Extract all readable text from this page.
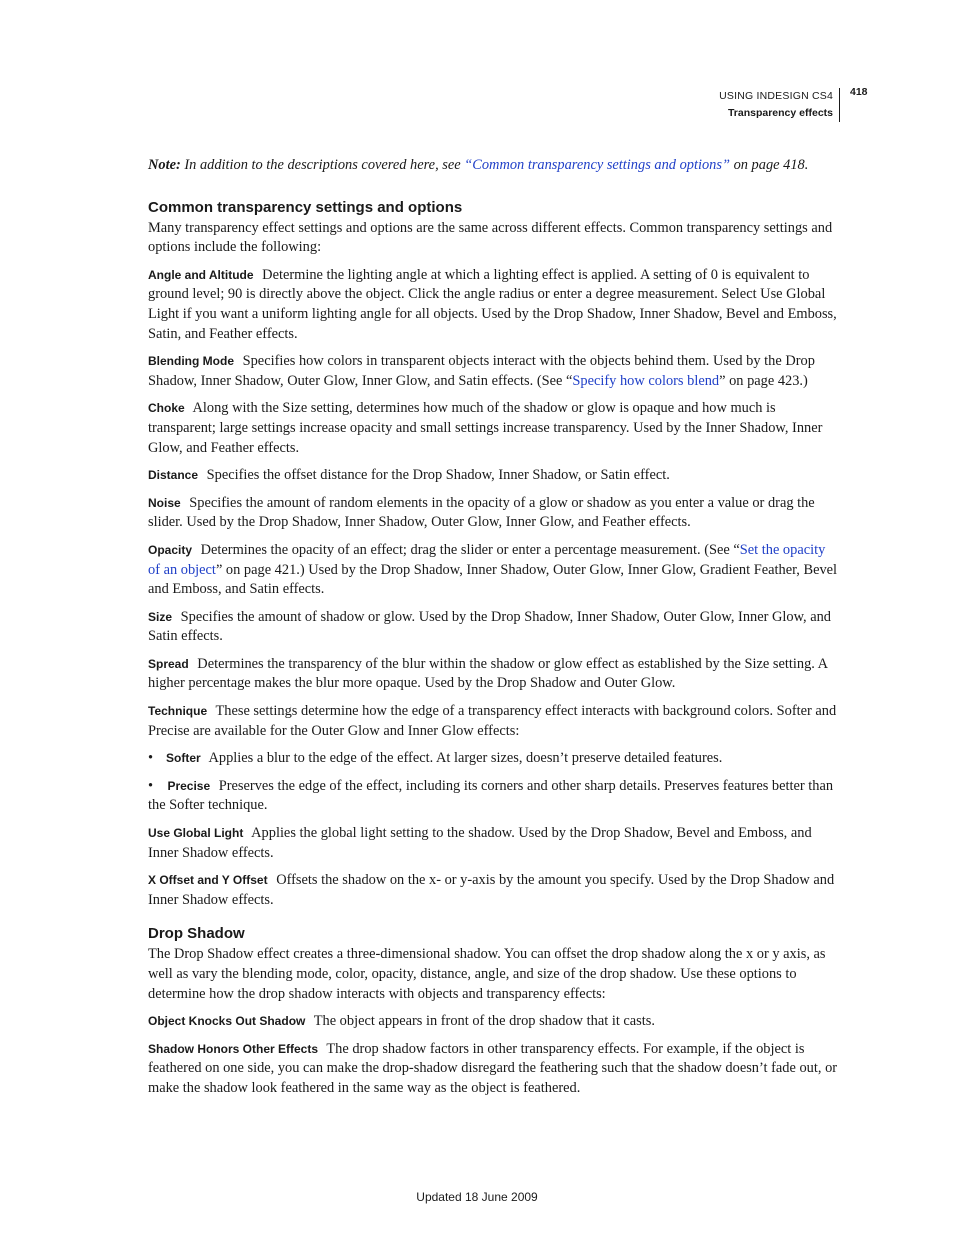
USING INDESIGN CS4
Transparency effects
418

Note: In addition to the descriptions covered here, see “Common transparency settings and options” on page 418.

Common transparency settings and options

Many transparency effect settings and options are the same across different effects. Common transparency settings and options include the following:

Angle and Altitude Determine the lighting angle at which a lighting effect is applied. A setting of 0 is equivalent to ground level; 90 is directly above the object. Click the angle radius or enter a degree measurement. Select Use Global Light if you want a uniform lighting angle for all objects. Used by the Drop Shadow, Inner Shadow, Bevel and Emboss, Satin, and Feather effects.

Blending Mode Specifies how colors in transparent objects interact with the objects behind them. Used by the Drop Shadow, Inner Shadow, Outer Glow, Inner Glow, and Satin effects. (See “Specify how colors blend” on page 423.)

Choke Along with the Size setting, determines how much of the shadow or glow is opaque and how much is transparent; large settings increase opacity and small settings increase transparency. Used by the Inner Shadow, Inner Glow, and Feather effects.

Distance Specifies the offset distance for the Drop Shadow, Inner Shadow, or Satin effect.

Noise Specifies the amount of random elements in the opacity of a glow or shadow as you enter a value or drag the slider. Used by the Drop Shadow, Inner Shadow, Outer Glow, Inner Glow, and Feather effects.

Opacity Determines the opacity of an effect; drag the slider or enter a percentage measurement. (See “Set the opacity of an object” on page 421.) Used by the Drop Shadow, Inner Shadow, Outer Glow, Inner Glow, Gradient Feather, Bevel and Emboss, and Satin effects.

Size Specifies the amount of shadow or glow. Used by the Drop Shadow, Inner Shadow, Outer Glow, Inner Glow, and Satin effects.

Spread Determines the transparency of the blur within the shadow or glow effect as established by the Size setting. A higher percentage makes the blur more opaque. Used by the Drop Shadow and Outer Glow.

Technique These settings determine how the edge of a transparency effect interacts with background colors. Softer and Precise are available for the Outer Glow and Inner Glow effects:

• Softer Applies a blur to the edge of the effect. At larger sizes, doesn’t preserve detailed features.

• Precise Preserves the edge of the effect, including its corners and other sharp details. Preserves features better than the Softer technique.

Use Global Light Applies the global light setting to the shadow. Used by the Drop Shadow, Bevel and Emboss, and Inner Shadow effects.

X Offset and Y Offset Offsets the shadow on the x- or y-axis by the amount you specify. Used by the Drop Shadow and Inner Shadow effects.

Drop Shadow

The Drop Shadow effect creates a three-dimensional shadow. You can offset the drop shadow along the x or y axis, as well as vary the blending mode, color, opacity, distance, angle, and size of the drop shadow. Use these options to determine how the drop shadow interacts with objects and transparency effects:

Object Knocks Out Shadow The object appears in front of the drop shadow that it casts.

Shadow Honors Other Effects The drop shadow factors in other transparency effects. For example, if the object is feathered on one side, you can make the drop-shadow disregard the feathering such that the shadow doesn’t fade out, or make the shadow look feathered in the same way as the object is feathered.

Updated 18 June 2009
